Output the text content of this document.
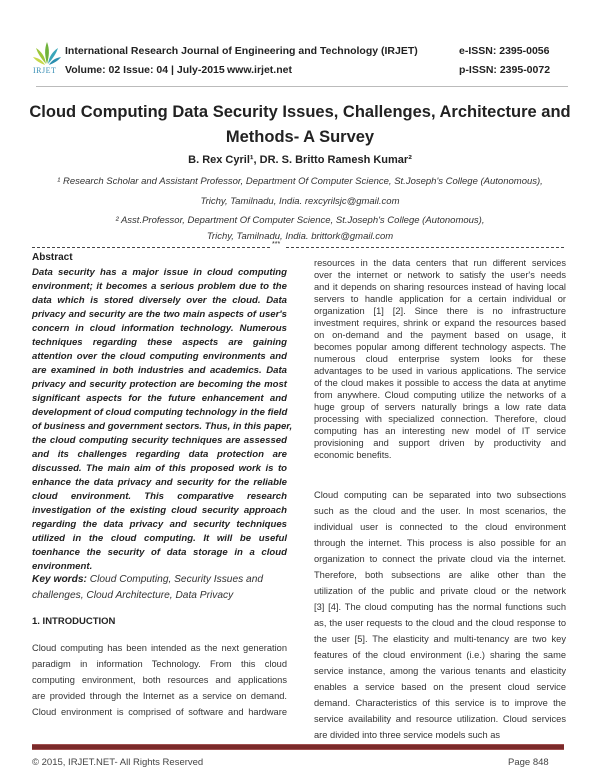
IRJET
International Research Journal of Engineering and Technology (IRJET)
Volume: 02 Issue: 04 | July-2015 www.irjet.net
e-ISSN: 2395-0056
p-ISSN: 2395-0072
Cloud Computing Data Security Issues, Challenges, Architecture and
Methods- A Survey
B. Rex Cyril¹, DR. S. Britto Ramesh Kumar²
¹ Research Scholar and Assistant Professor, Department Of Computer Science, St.Joseph's College (Autonomous),
Trichy, Tamilnadu, India. rexcyrilsjc@gmail.com
² Asst.Professor, Department Of Computer Science, St.Joseph's College (Autonomous),
Trichy, Tamilnadu, India. brittork@gmail.com
***
Abstract
Data security has a major issue in cloud computing
environment; it becomes a serious problem due to the
data which is stored diversely over the cloud. Data
privacy and security are the two main aspects of user's
concern in cloud information technology. Numerous
techniques regarding these aspects are gaining
attention over the cloud computing environments and
are examined in both industries and academics. Data
privacy and security protection are becoming the most
significant aspects for the future enhancement and
development of cloud computing technology in the field
of business and government sectors. Thus, in this paper,
the cloud computing security techniques are assessed
and its challenges regarding data protection are
discussed. The main aim of this proposed work is to
enhance the data privacy and security for the reliable
cloud environment. This comparative research
investigation of the existing cloud security approach
regarding the data privacy and security techniques
utilized in the cloud computing. It will be useful
toenhance the security of data storage in a cloud
environment.
Key words: Cloud Computing, Security Issues and
challenges, Cloud Architecture, Data Privacy
1. INTRODUCTION
Cloud computing has been intended as the next generation
paradigm in information Technology. From this cloud
computing environment, both resources and applications
are provided through the Internet as a service on demand.
Cloud environment is comprised of software and hardware
resources in the data centers that run different services
over the internet or network to satisfy the user's needs
and it depends on sharing resources instead of having local
servers to handle application for a certain individual or
organization [1] [2]. Since there is no infrastructure
investment requires, shrink or expand the resources based
on on-demand and the payment based on usage, it
becomes popular among different technology aspects. The
numerous cloud enterprise system looks for these
advantages to be used in various applications. The service
of the cloud makes it possible to access the data at anytime
from anywhere. Cloud computing utilize the networks of a
huge group of servers naturally brings a low rate data
processing with specialized connection. Therefore, cloud
computing has an interesting new model of IT service
provisioning and support driven by productivity and
economic benefits.
Cloud computing can be separated into two subsections
such as the cloud and the user. In most scenarios, the
individual user is connected to the cloud environment
through the internet. This process is also possible for an
organization to connect the private cloud via the internet.
Therefore, both subsections are alike other than the
utilization of the public and private cloud or the network
[3] [4]. The cloud computing has the normal functions such
as, the user requests to the cloud and the cloud response to
the user [5]. The elasticity and multi-tenancy are two key
features of the cloud environment (i.e.) sharing the same
service instance, among the various tenants and elasticity
enables a service based on the present cloud service
demand. Characteristics of this service is to improve the
service availability and resource utilization. Cloud services
are divided into three service models such as
© 2015, IRJET.NET- All Rights Reserved	Page 848
